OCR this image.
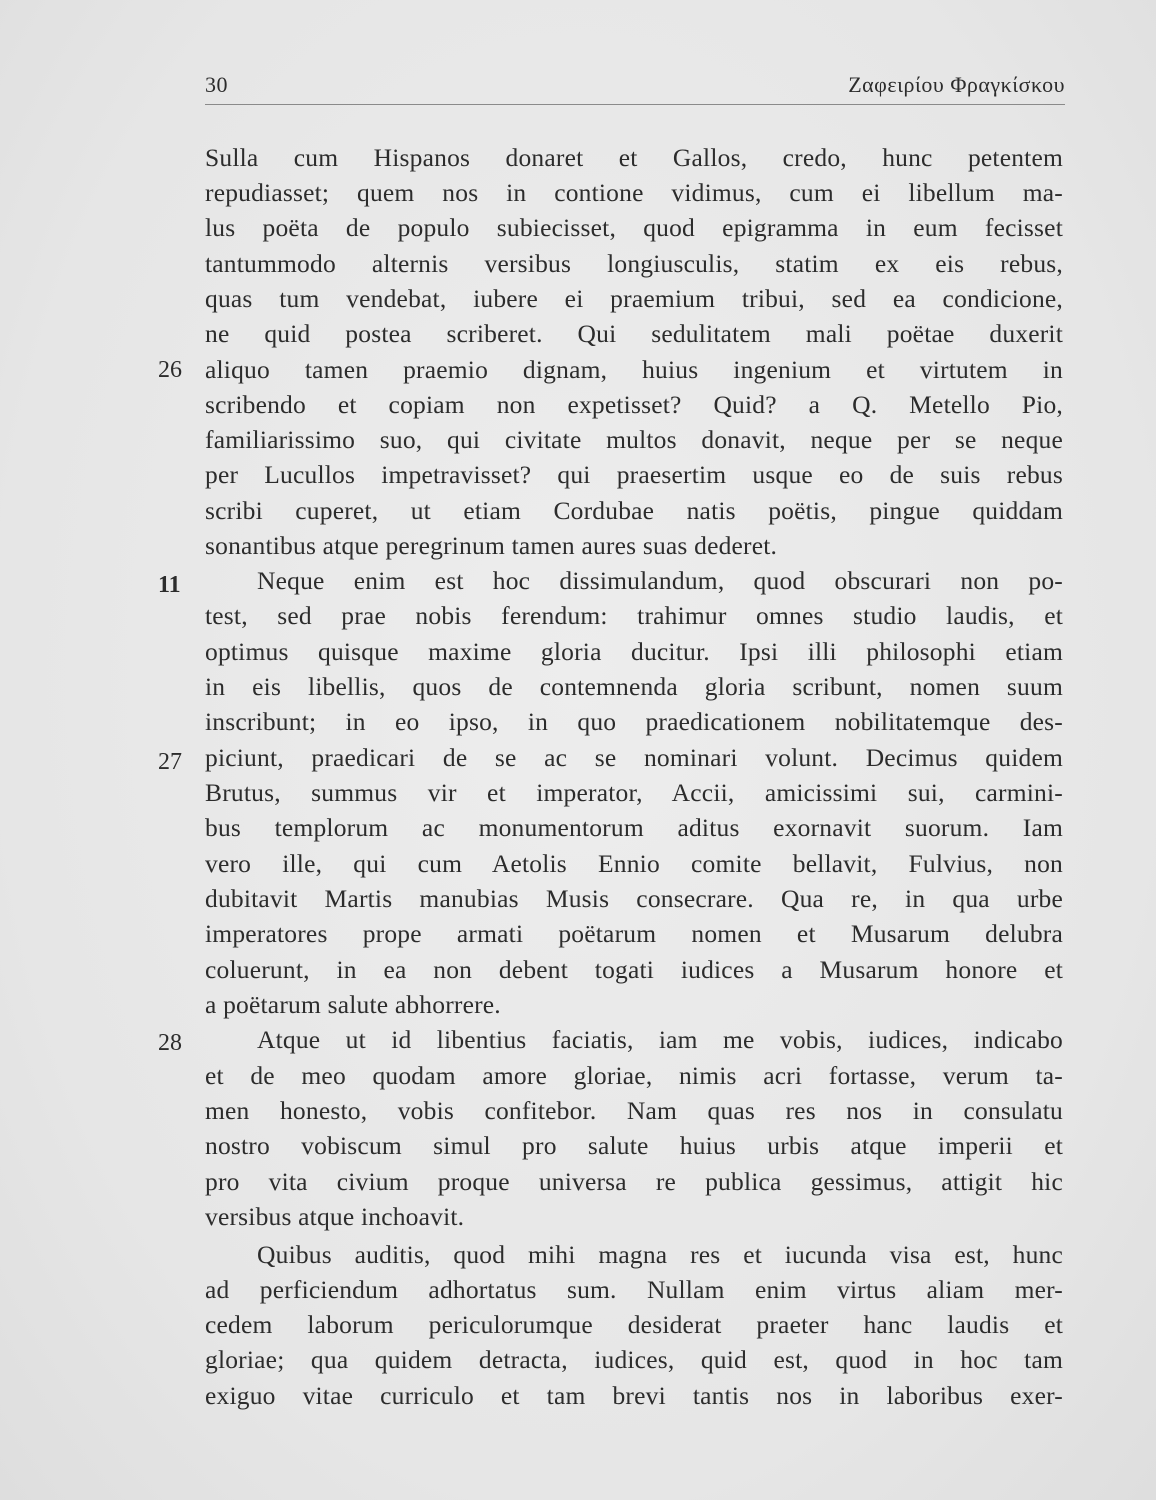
30	Ζαφειρίου Φραγκίσκου
26
11
27
28
Sulla cum Hispanos donaret et Gallos, credo, hunc petentem
repudiasset; quem nos in contione vidimus, cum ei libellum ma-
lus poëta de populo subiecisset, quod epigramma in eum fecisset
tantummodo alternis versibus longiusculis, statim ex eis rebus,
quas tum vendebat, iubere ei praemium tribui, sed ea condicione,
ne quid postea scriberet. Qui sedulitatem mali poëtae duxerit
aliquo tamen praemio dignam, huius ingenium et virtutem in
scribendo et copiam non expetisset? Quid? a Q. Metello Pio,
familiarissimo suo, qui civitate multos donavit, neque per se neque
per Lucullos impetravisset? qui praesertim usque eo de suis rebus
scribi cuperet, ut etiam Cordubae natis poëtis, pingue quiddam
sonantibus atque peregrinum tamen aures suas dederet.
Neque enim est hoc dissimulandum, quod obscurari non po-
test, sed prae nobis ferendum: trahimur omnes studio laudis, et
optimus quisque maxime gloria ducitur. Ipsi illi philosophi etiam
in eis libellis, quos de contemnenda gloria scribunt, nomen suum
inscribunt; in eo ipso, in quo praedicationem nobilitatemque des-
piciunt, praedicari de se ac se nominari volunt. Decimus quidem
Brutus, summus vir et imperator, Accii, amicissimi sui, carmini-
bus templorum ac monumentorum aditus exornavit suorum. Iam
vero ille, qui cum Aetolis Ennio comite bellavit, Fulvius, non
dubitavit Martis manubias Musis consecrare. Qua re, in qua urbe
imperatores prope armati poëtarum nomen et Musarum delubra
coluerunt, in ea non debent togati iudices a Musarum honore et
a poëtarum salute abhorrere.
Atque ut id libentius faciatis, iam me vobis, iudices, indicabo
et de meo quodam amore gloriae, nimis acri fortasse, verum ta-
men honesto, vobis confitebor. Nam quas res nos in consulatu
nostro vobiscum simul pro salute huius urbis atque imperii et
pro vita civium proque universa re publica gessimus, attigit hic
versibus atque inchoavit.
Quibus auditis, quod mihi magna res et iucunda visa est, hunc
ad perficiendum adhortatus sum. Nullam enim virtus aliam mer-
cedem laborum periculorumque desiderat praeter hanc laudis et
gloriae; qua quidem detracta, iudices, quid est, quod in hoc tam
exiguo vitae curriculo et tam brevi tantis nos in laboribus exer-
